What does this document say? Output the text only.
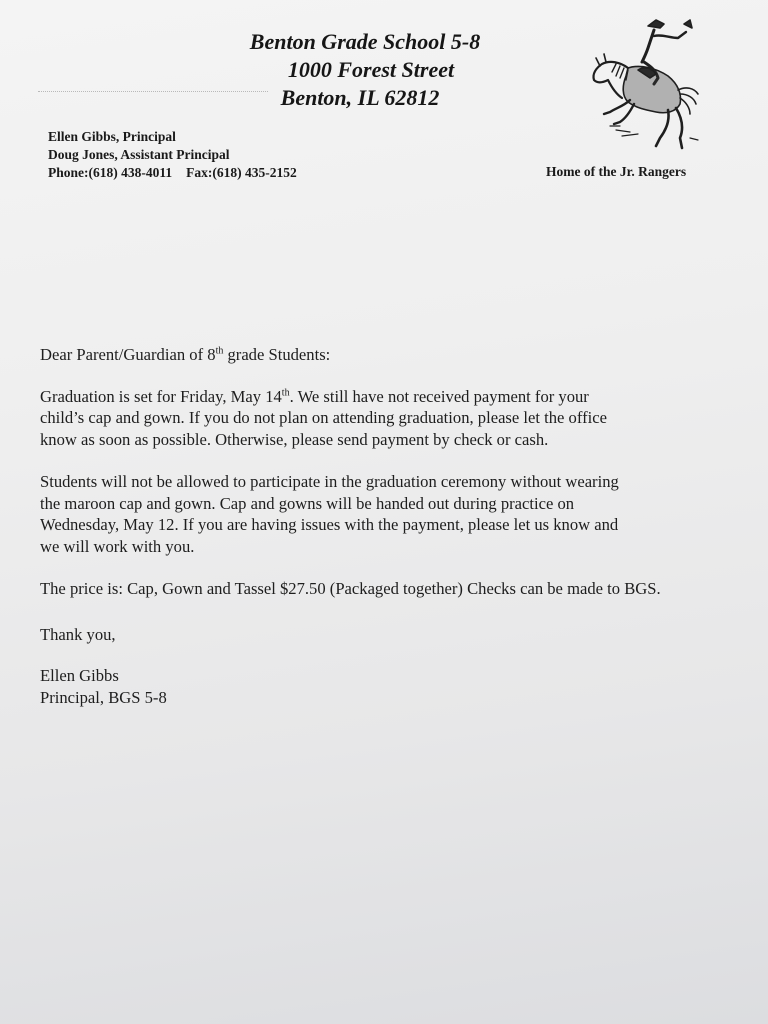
Benton Grade School 5-8
1000 Forest Street
Benton, IL 62812
Ellen Gibbs, Principal
Doug Jones, Assistant Principal
Phone:(618) 438-4011 Fax:(618) 435-2152	Home of the Jr. Rangers

Dear Parent/Guardian of 8th grade Students:

Graduation is set for Friday, May 14th. We still have not received payment for your
child’s cap and gown. If you do not plan on attending graduation, please let the office
know as soon as possible. Otherwise, please send payment by check or cash.

Students will not be allowed to participate in the graduation ceremony without wearing
the maroon cap and gown. Cap and gowns will be handed out during practice on
Wednesday, May 12. If you are having issues with the payment, please let us know and
we will work with you.

The price is: Cap, Gown and Tassel $27.50 (Packaged together) Checks can be made to BGS.

Thank you,

Ellen Gibbs
Principal, BGS 5-8
